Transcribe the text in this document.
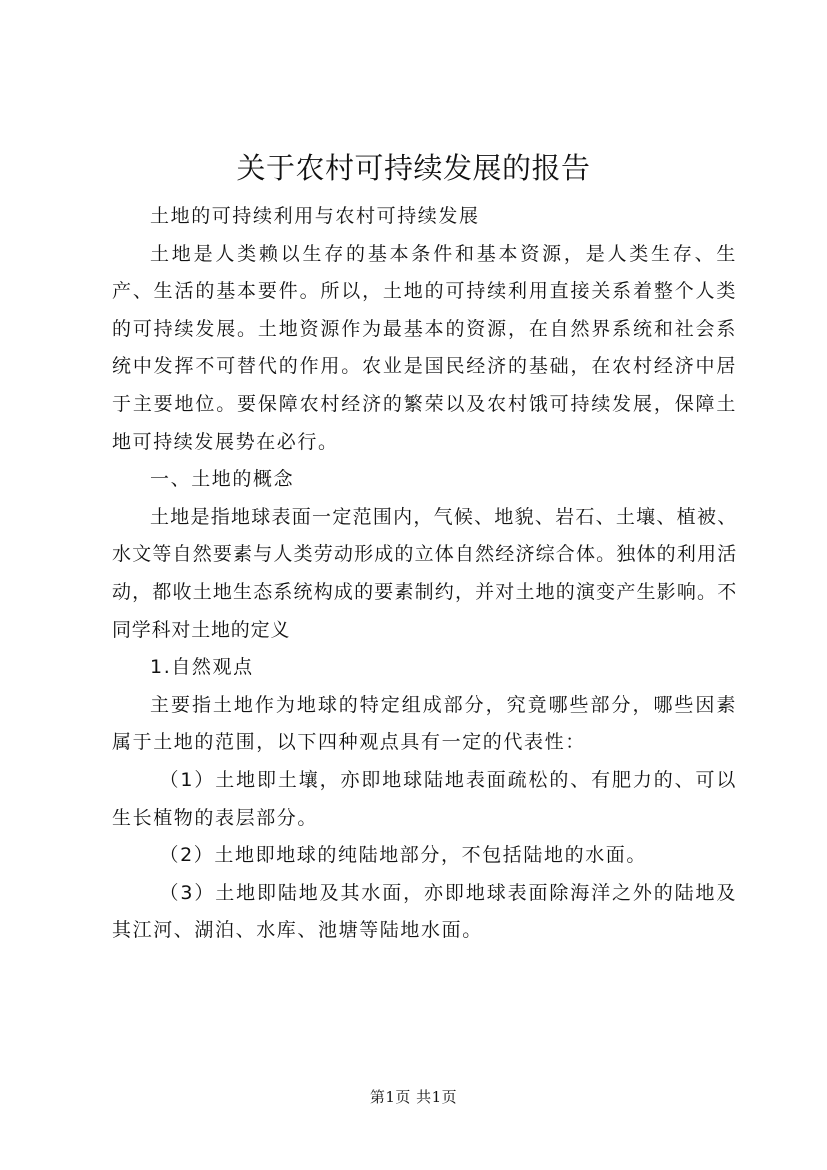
关于农村可持续发展的报告

土地的可持续利用与农村可持续发展

土地是人类赖以生存的基本条件和基本资源，是人类生存、生产、生活的基本要件。所以，土地的可持续利用直接关系着整个人类的可持续发展。土地资源作为最基本的资源，在自然界系统和社会系统中发挥不可替代的作用。农业是国民经济的基础，在农村经济中居于主要地位。要保障农村经济的繁荣以及农村饿可持续发展，保障土地可持续发展势在必行。

一、土地的概念

土地是指地球表面一定范围内，气候、地貌、岩石、土壤、植被、水文等自然要素与人类劳动形成的立体自然经济综合体。独体的利用活动，都收土地生态系统构成的要素制约，并对土地的演变产生影响。不同学科对土地的定义

1.自然观点

主要指土地作为地球的特定组成部分，究竟哪些部分，哪些因素属于土地的范围，以下四种观点具有一定的代表性：

（1）土地即土壤，亦即地球陆地表面疏松的、有肥力的、可以生长植物的表层部分。

（2）土地即地球的纯陆地部分，不包括陆地的水面。

（3）土地即陆地及其水面，亦即地球表面除海洋之外的陆地及其江河、湖泊、水库、池塘等陆地水面。

第1页 共1页
